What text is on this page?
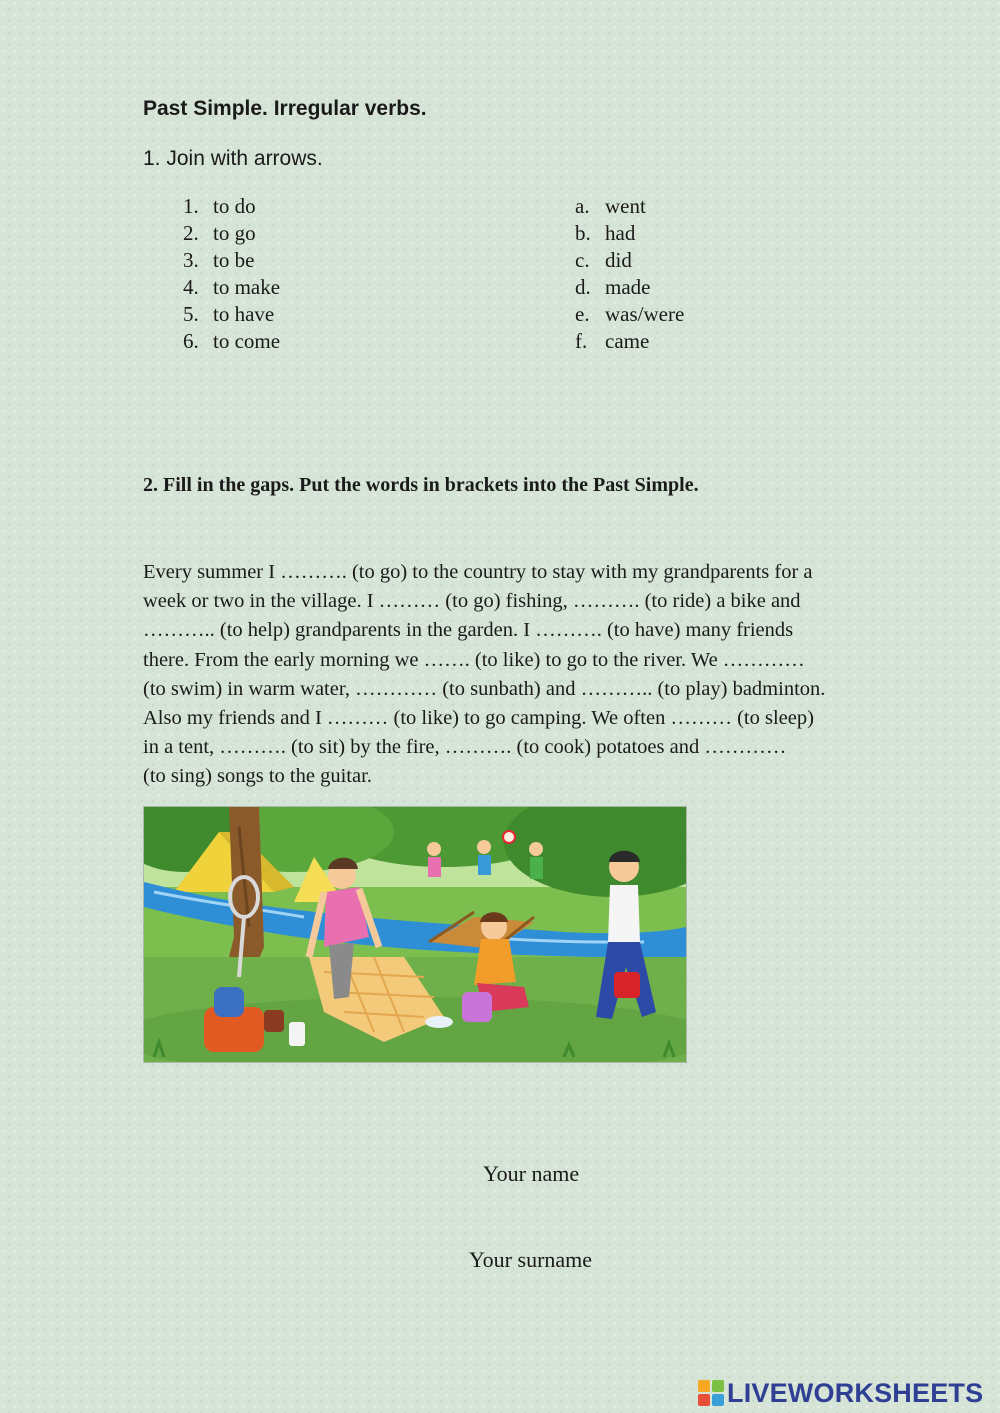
Past Simple. Irregular verbs.

1. Join with arrows.

1. to do
2. to go
3. to be
4. to make
5. to have
6. to come
a. went
b. had
c. did
d. made
e. was/were
f. came

2. Fill in the gaps. Put the words in brackets into the Past Simple.

Every summer I ………. (to go) to the country to stay with my grandparents for a
week or two in the village. I ……… (to go) fishing, ………. (to ride) a bike and
……….. (to help) grandparents in the garden. I ………. (to have) many friends
there. From the early morning we ……. (to like) to go to the river. We …………
(to swim) in warm water, ………… (to sunbath) and ……….. (to play) badminton.
Also my friends and I ……… (to like) to go camping. We often ……… (to sleep)
in a tent, ………. (to sit) by the fire, ………. (to cook) potatoes and …………
(to sing) songs to the guitar.

Your name

Your surname

LIVEWORKSHEETS
